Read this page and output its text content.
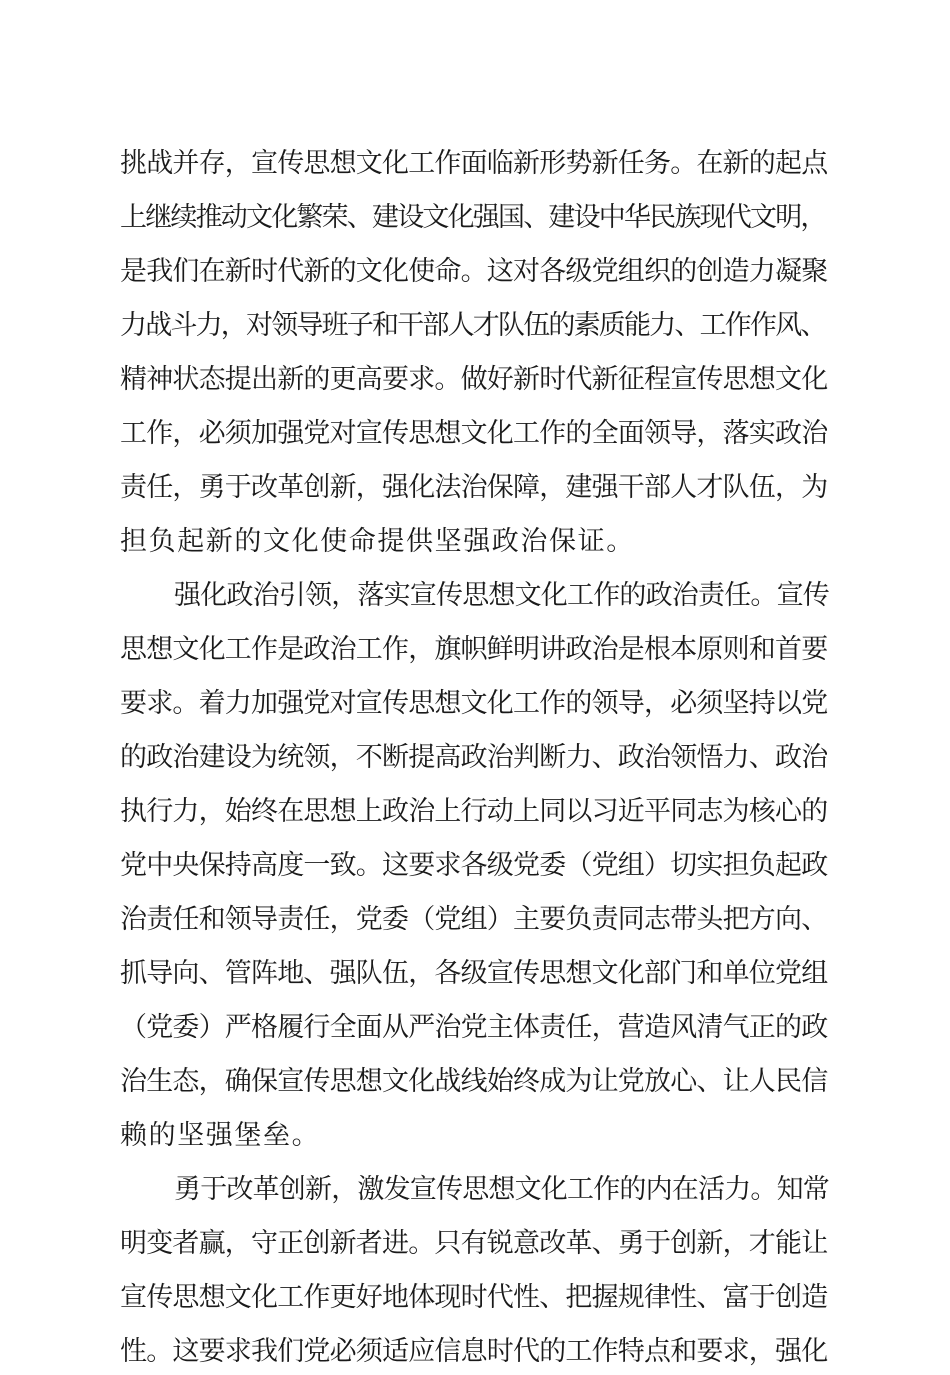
挑战并存，宣传思想文化工作面临新形势新任务。在新的起点
上继续推动文化繁荣、建设文化强国、建设中华民族现代文明，
是我们在新时代新的文化使命。这对各级党组织的创造力凝聚
力战斗力，对领导班子和干部人才队伍的素质能力、工作作风、
精神状态提出新的更高要求。做好新时代新征程宣传思想文化
工作，必须加强党对宣传思想文化工作的全面领导，落实政治
责任，勇于改革创新，强化法治保障，建强干部人才队伍，为
担负起新的文化使命提供坚强政治保证。
强化政治引领，落实宣传思想文化工作的政治责任。宣传
思想文化工作是政治工作，旗帜鲜明讲政治是根本原则和首要
要求。着力加强党对宣传思想文化工作的领导，必须坚持以党
的政治建设为统领，不断提高政治判断力、政治领悟力、政治
执行力，始终在思想上政治上行动上同以习近平同志为核心的
党中央保持高度一致。这要求各级党委（党组）切实担负起政
治责任和领导责任，党委（党组）主要负责同志带头把方向、
抓导向、管阵地、强队伍，各级宣传思想文化部门和单位党组
（党委）严格履行全面从严治党主体责任，营造风清气正的政
治生态，确保宣传思想文化战线始终成为让党放心、让人民信
赖的坚强堡垒。
勇于改革创新，激发宣传思想文化工作的内在活力。知常
明变者赢，守正创新者进。只有锐意改革、勇于创新，才能让
宣传思想文化工作更好地体现时代性、把握规律性、富于创造
性。这要求我们党必须适应信息时代的工作特点和要求，强化
